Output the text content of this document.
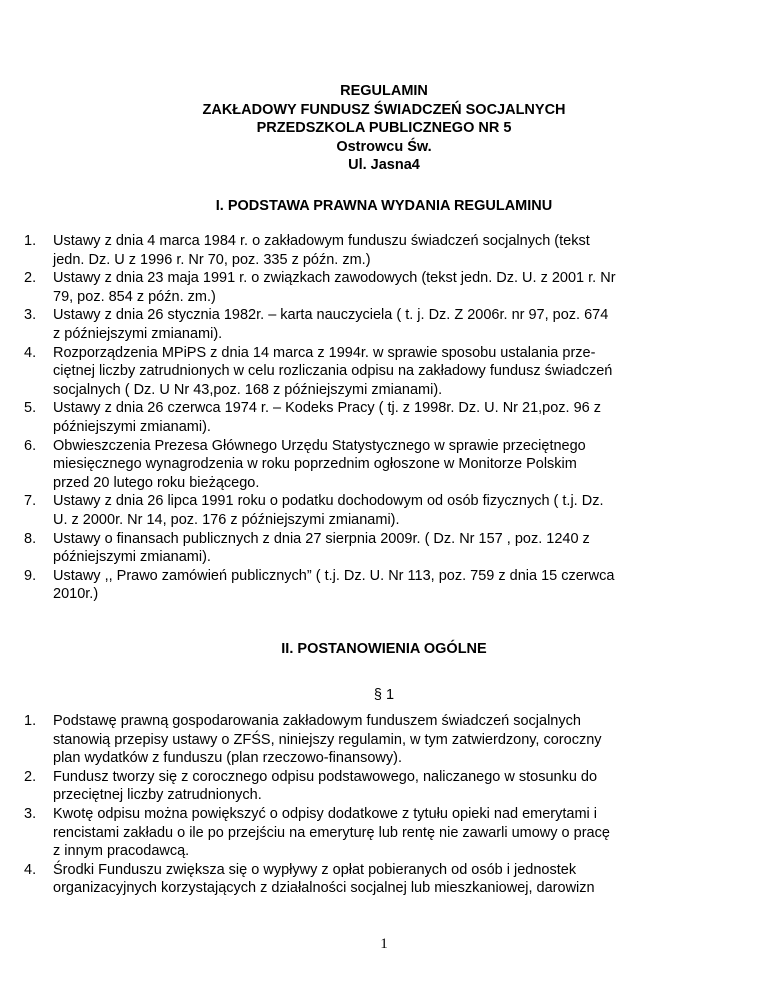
REGULAMIN
ZAKŁADOWY FUNDUSZ ŚWIADCZEŃ SOCJALNYCH
PRZEDSZKOLA PUBLICZNEGO NR 5
Ostrowcu Św.
Ul. Jasna4
I. PODSTAWA PRAWNA WYDANIA REGULAMINU
1. Ustawy z dnia 4 marca 1984 r. o zakładowym funduszu świadczeń socjalnych (tekst
jedn. Dz. U z 1996 r. Nr 70, poz. 335 z późn. zm.)
2. Ustawy z dnia 23 maja 1991 r. o związkach zawodowych (tekst jedn. Dz. U. z 2001 r. Nr
79, poz. 854 z późn. zm.)
3. Ustawy z dnia 26 stycznia 1982r. – karta nauczyciela ( t. j. Dz. Z 2006r. nr 97, poz. 674
z późniejszymi zmianami).
4. Rozporządzenia MPiPS z dnia 14 marca z 1994r. w sprawie sposobu ustalania prze-
ciętnej liczby zatrudnionych w celu rozliczania odpisu na zakładowy fundusz świadczeń
socjalnych ( Dz. U Nr 43,poz. 168 z późniejszymi zmianami).
5. Ustawy z dnia 26 czerwca 1974 r. – Kodeks Pracy ( tj. z 1998r. Dz. U. Nr 21,poz. 96 z
późniejszymi zmianami).
6. Obwieszczenia Prezesa Głównego Urzędu Statystycznego w sprawie przeciętnego
miesięcznego wynagrodzenia w roku poprzednim ogłoszone w Monitorze Polskim
przed 20 lutego roku bieżącego.
7. Ustawy z dnia 26 lipca 1991 roku o podatku dochodowym od osób fizycznych ( t.j. Dz.
U. z 2000r. Nr 14, poz. 176 z późniejszymi zmianami).
8. Ustawy o finansach publicznych z dnia 27 sierpnia 2009r. ( Dz. Nr 157 , poz. 1240 z
późniejszymi zmianami).
9. Ustawy ,, Prawo zamówień publicznych” ( t.j. Dz. U. Nr 113, poz. 759 z dnia 15 czerwca
2010r.)
II. POSTANOWIENIA OGÓLNE
§ 1
1. Podstawę prawną gospodarowania zakładowym funduszem świadczeń socjalnych
stanowią przepisy ustawy o ZFŚS, niniejszy regulamin, w tym zatwierdzony, coroczny
plan wydatków z funduszu (plan rzeczowo-finansowy).
2. Fundusz tworzy się z corocznego odpisu podstawowego, naliczanego w stosunku do
przeciętnej liczby zatrudnionych.
3. Kwotę odpisu można powiększyć o odpisy dodatkowe z tytułu opieki nad emerytami i
rencistami zakładu o ile po przejściu na emeryturę lub rentę nie zawarli umowy o pracę
z innym pracodawcą.
4. Środki Funduszu zwiększa się o wypływy z opłat pobieranych od osób i jednostek
organizacyjnych korzystających z działalności socjalnej lub mieszkaniowej, darowizn
1
